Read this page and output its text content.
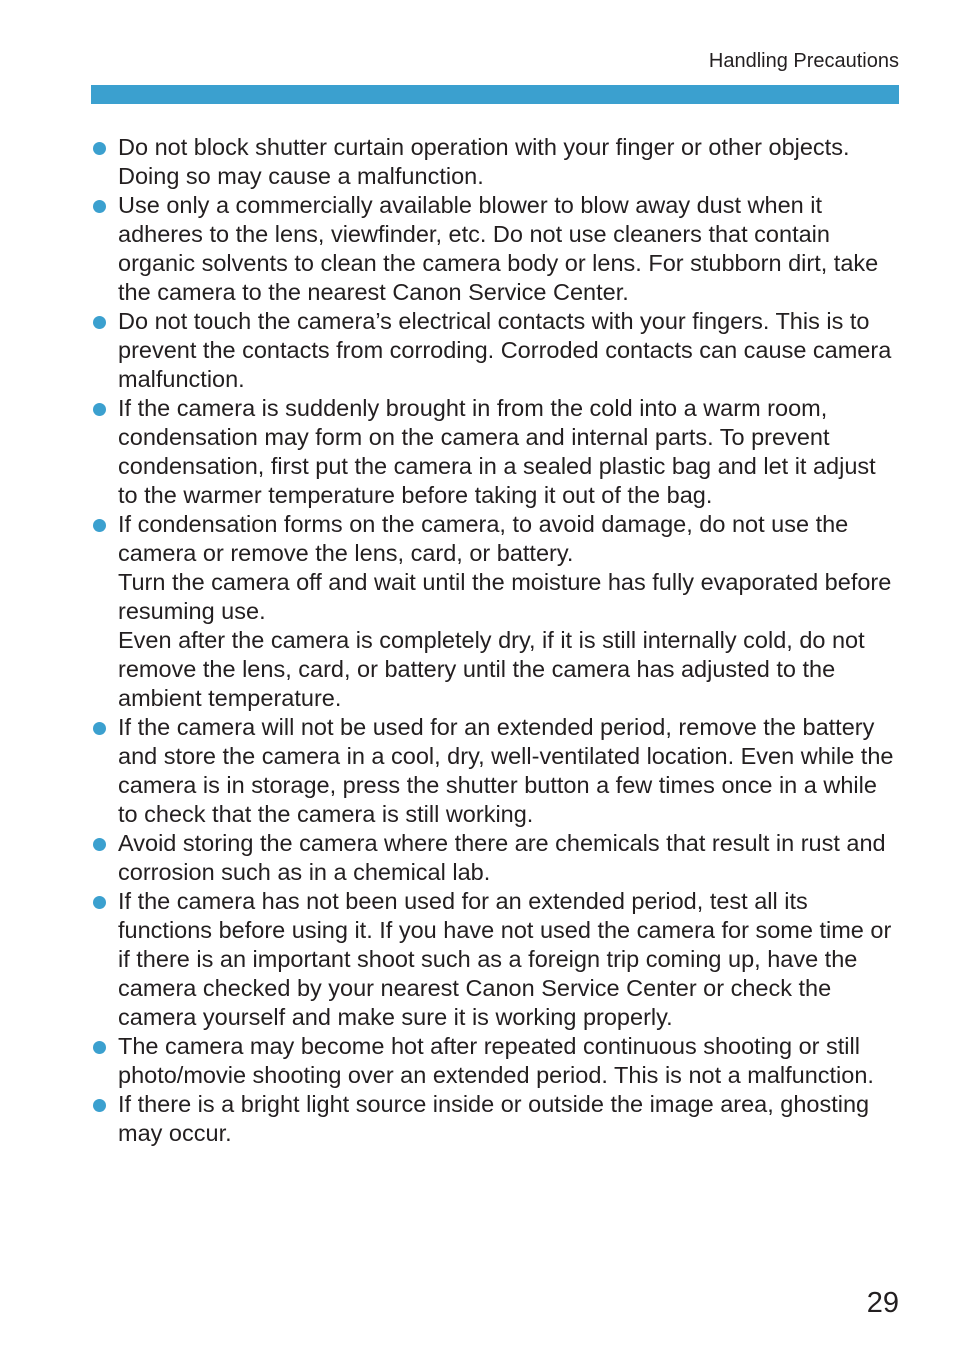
Handling Precautions

Do not block shutter curtain operation with your finger or other objects. Doing so may cause a malfunction.

Use only a commercially available blower to blow away dust when it adheres to the lens, viewfinder, etc. Do not use cleaners that contain organic solvents to clean the camera body or lens. For stubborn dirt, take the camera to the nearest Canon Service Center.

Do not touch the camera’s electrical contacts with your fingers. This is to prevent the contacts from corroding. Corroded contacts can cause camera malfunction.

If the camera is suddenly brought in from the cold into a warm room, condensation may form on the camera and internal parts. To prevent condensation, first put the camera in a sealed plastic bag and let it adjust to the warmer temperature before taking it out of the bag.

If condensation forms on the camera, to avoid damage, do not use the camera or remove the lens, card, or battery.

Turn the camera off and wait until the moisture has fully evaporated before resuming use.

Even after the camera is completely dry, if it is still internally cold, do not remove the lens, card, or battery until the camera has adjusted to the ambient temperature.

If the camera will not be used for an extended period, remove the battery and store the camera in a cool, dry, well-ventilated location. Even while the camera is in storage, press the shutter button a few times once in a while to check that the camera is still working.

Avoid storing the camera where there are chemicals that result in rust and corrosion such as in a chemical lab.

If the camera has not been used for an extended period, test all its functions before using it. If you have not used the camera for some time or if there is an important shoot such as a foreign trip coming up, have the camera checked by your nearest Canon Service Center or check the camera yourself and make sure it is working properly.

The camera may become hot after repeated continuous shooting or still photo/movie shooting over an extended period. This is not a malfunction.

If there is a bright light source inside or outside the image area, ghosting may occur.

29
